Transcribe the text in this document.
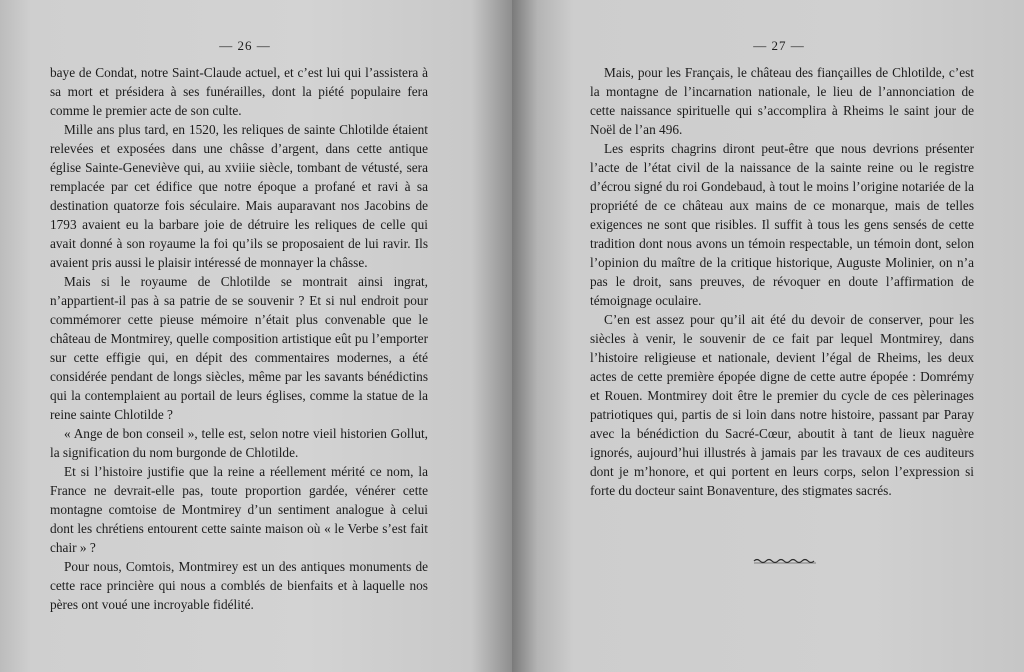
— 26 —

baye de Condat, notre Saint-Claude actuel, et c’est lui qui l’assistera à sa mort et présidera à ses funérailles, dont la piété populaire fera comme le premier acte de son culte.

Mille ans plus tard, en 1520, les reliques de sainte Chlotilde étaient relevées et exposées dans une châsse d’argent, dans cette antique église Sainte-Geneviève qui, au xviiie siècle, tombant de vétusté, sera remplacée par cet édifice que notre époque a profané et ravi à sa destination quatorze fois séculaire. Mais auparavant nos Jacobins de 1793 avaient eu la barbare joie de détruire les reliques de celle qui avait donné à son royaume la foi qu’ils se proposaient de lui ravir. Ils avaient pris aussi le plaisir intéressé de monnayer la châsse.

Mais si le royaume de Chlotilde se montrait ainsi ingrat, n’appartient-il pas à sa patrie de se souvenir ? Et si nul endroit pour commémorer cette pieuse mémoire n’était plus convenable que le château de Montmirey, quelle composition artistique eût pu l’emporter sur cette effigie qui, en dépit des commentaires modernes, a été considérée pendant de longs siècles, même par les savants bénédictins qui la contemplaient au portail de leurs églises, comme la statue de la reine sainte Chlotilde ?

« Ange de bon conseil », telle est, selon notre vieil historien Gollut, la signification du nom burgonde de Chlotilde.

Et si l’histoire justifie que la reine a réellement mérité ce nom, la France ne devrait-elle pas, toute proportion gardée, vénérer cette montagne comtoise de Montmirey d’un sentiment analogue à celui dont les chrétiens entourent cette sainte maison où « le Verbe s’est fait chair » ?

Pour nous, Comtois, Montmirey est un des antiques monuments de cette race princière qui nous a comblés de bienfaits et à laquelle nos pères ont voué une incroyable fidélité.

— 27 —

Mais, pour les Français, le château des fiançailles de Chlotilde, c’est la montagne de l’incarnation nationale, le lieu de l’annonciation de cette naissance spirituelle qui s’accomplira à Rheims le saint jour de Noël de l’an 496.

Les esprits chagrins diront peut-être que nous devrions présenter l’acte de l’état civil de la naissance de la sainte reine ou le registre d’écrou signé du roi Gondebaud, à tout le moins l’origine notariée de la propriété de ce château aux mains de ce monarque, mais de telles exigences ne sont que risibles. Il suffit à tous les gens sensés de cette tradition dont nous avons un témoin respectable, un témoin dont, selon l’opinion du maître de la critique historique, Auguste Molinier, on n’a pas le droit, sans preuves, de révoquer en doute l’affirmation de témoignage oculaire.

C’en est assez pour qu’il ait été du devoir de conserver, pour les siècles à venir, le souvenir de ce fait par lequel Montmirey, dans l’histoire religieuse et nationale, devient l’égal de Rheims, les deux actes de cette première épopée digne de cette autre épopée : Domrémy et Rouen. Montmirey doit être le premier du cycle de ces pèlerinages patriotiques qui, partis de si loin dans notre histoire, passant par Paray avec la bénédiction du Sacré-Cœur, aboutit à tant de lieux naguère ignorés, aujourd’hui illustrés à jamais par les travaux de ces auditeurs dont je m’honore, et qui portent en leurs corps, selon l’expression si forte du docteur saint Bonaventure, des stigmates sacrés.
